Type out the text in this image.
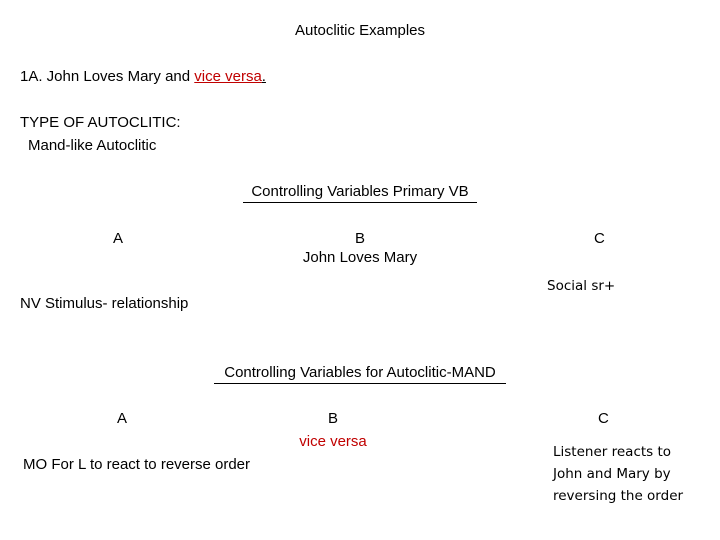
Autoclitic Examples
1A. John Loves Mary and vice versa.
TYPE OF AUTOCLITIC:
Mand-like Autoclitic
Controlling Variables Primary VB
A	B
John Loves Mary
C
Social sr+
NV Stimulus- relationship
Controlling Variables for Autoclitic-MAND
A	B
vice versa
C
MO For L to react to reverse order
Listener reacts to
John and Mary by
reversing the order
